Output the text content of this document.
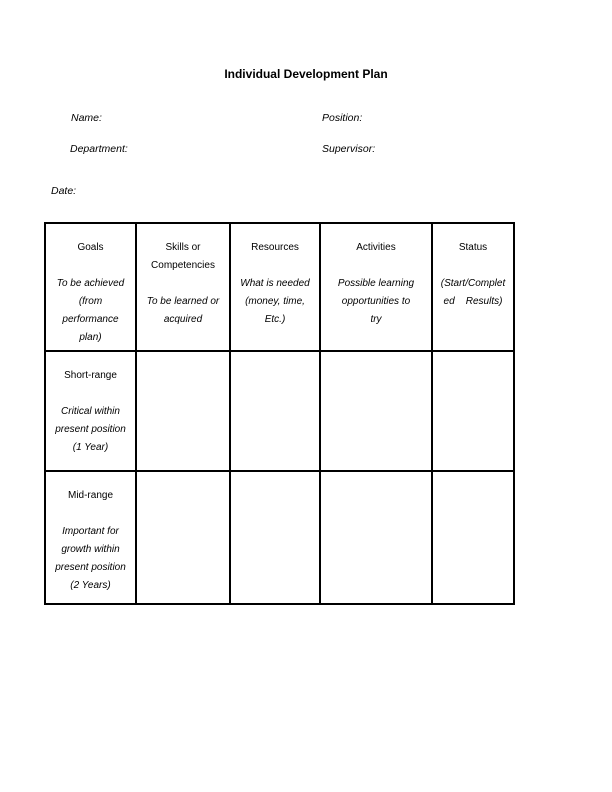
Individual Development Plan
Name:	Position:
Department:	Supervisor:
Date:
Goals
To be achieved
(from
performance
plan)
Skills or
Competencies
To be learned or
acquired
Resources
What is needed
(money, time,
Etc.)
Activities
Possible learning
opportunities to
try
Status
(Start/Complet
ed    Results)
Short-range
Critical within
present position
(1 Year)
Mid-range
Important for
growth within
present position
(2 Years)
